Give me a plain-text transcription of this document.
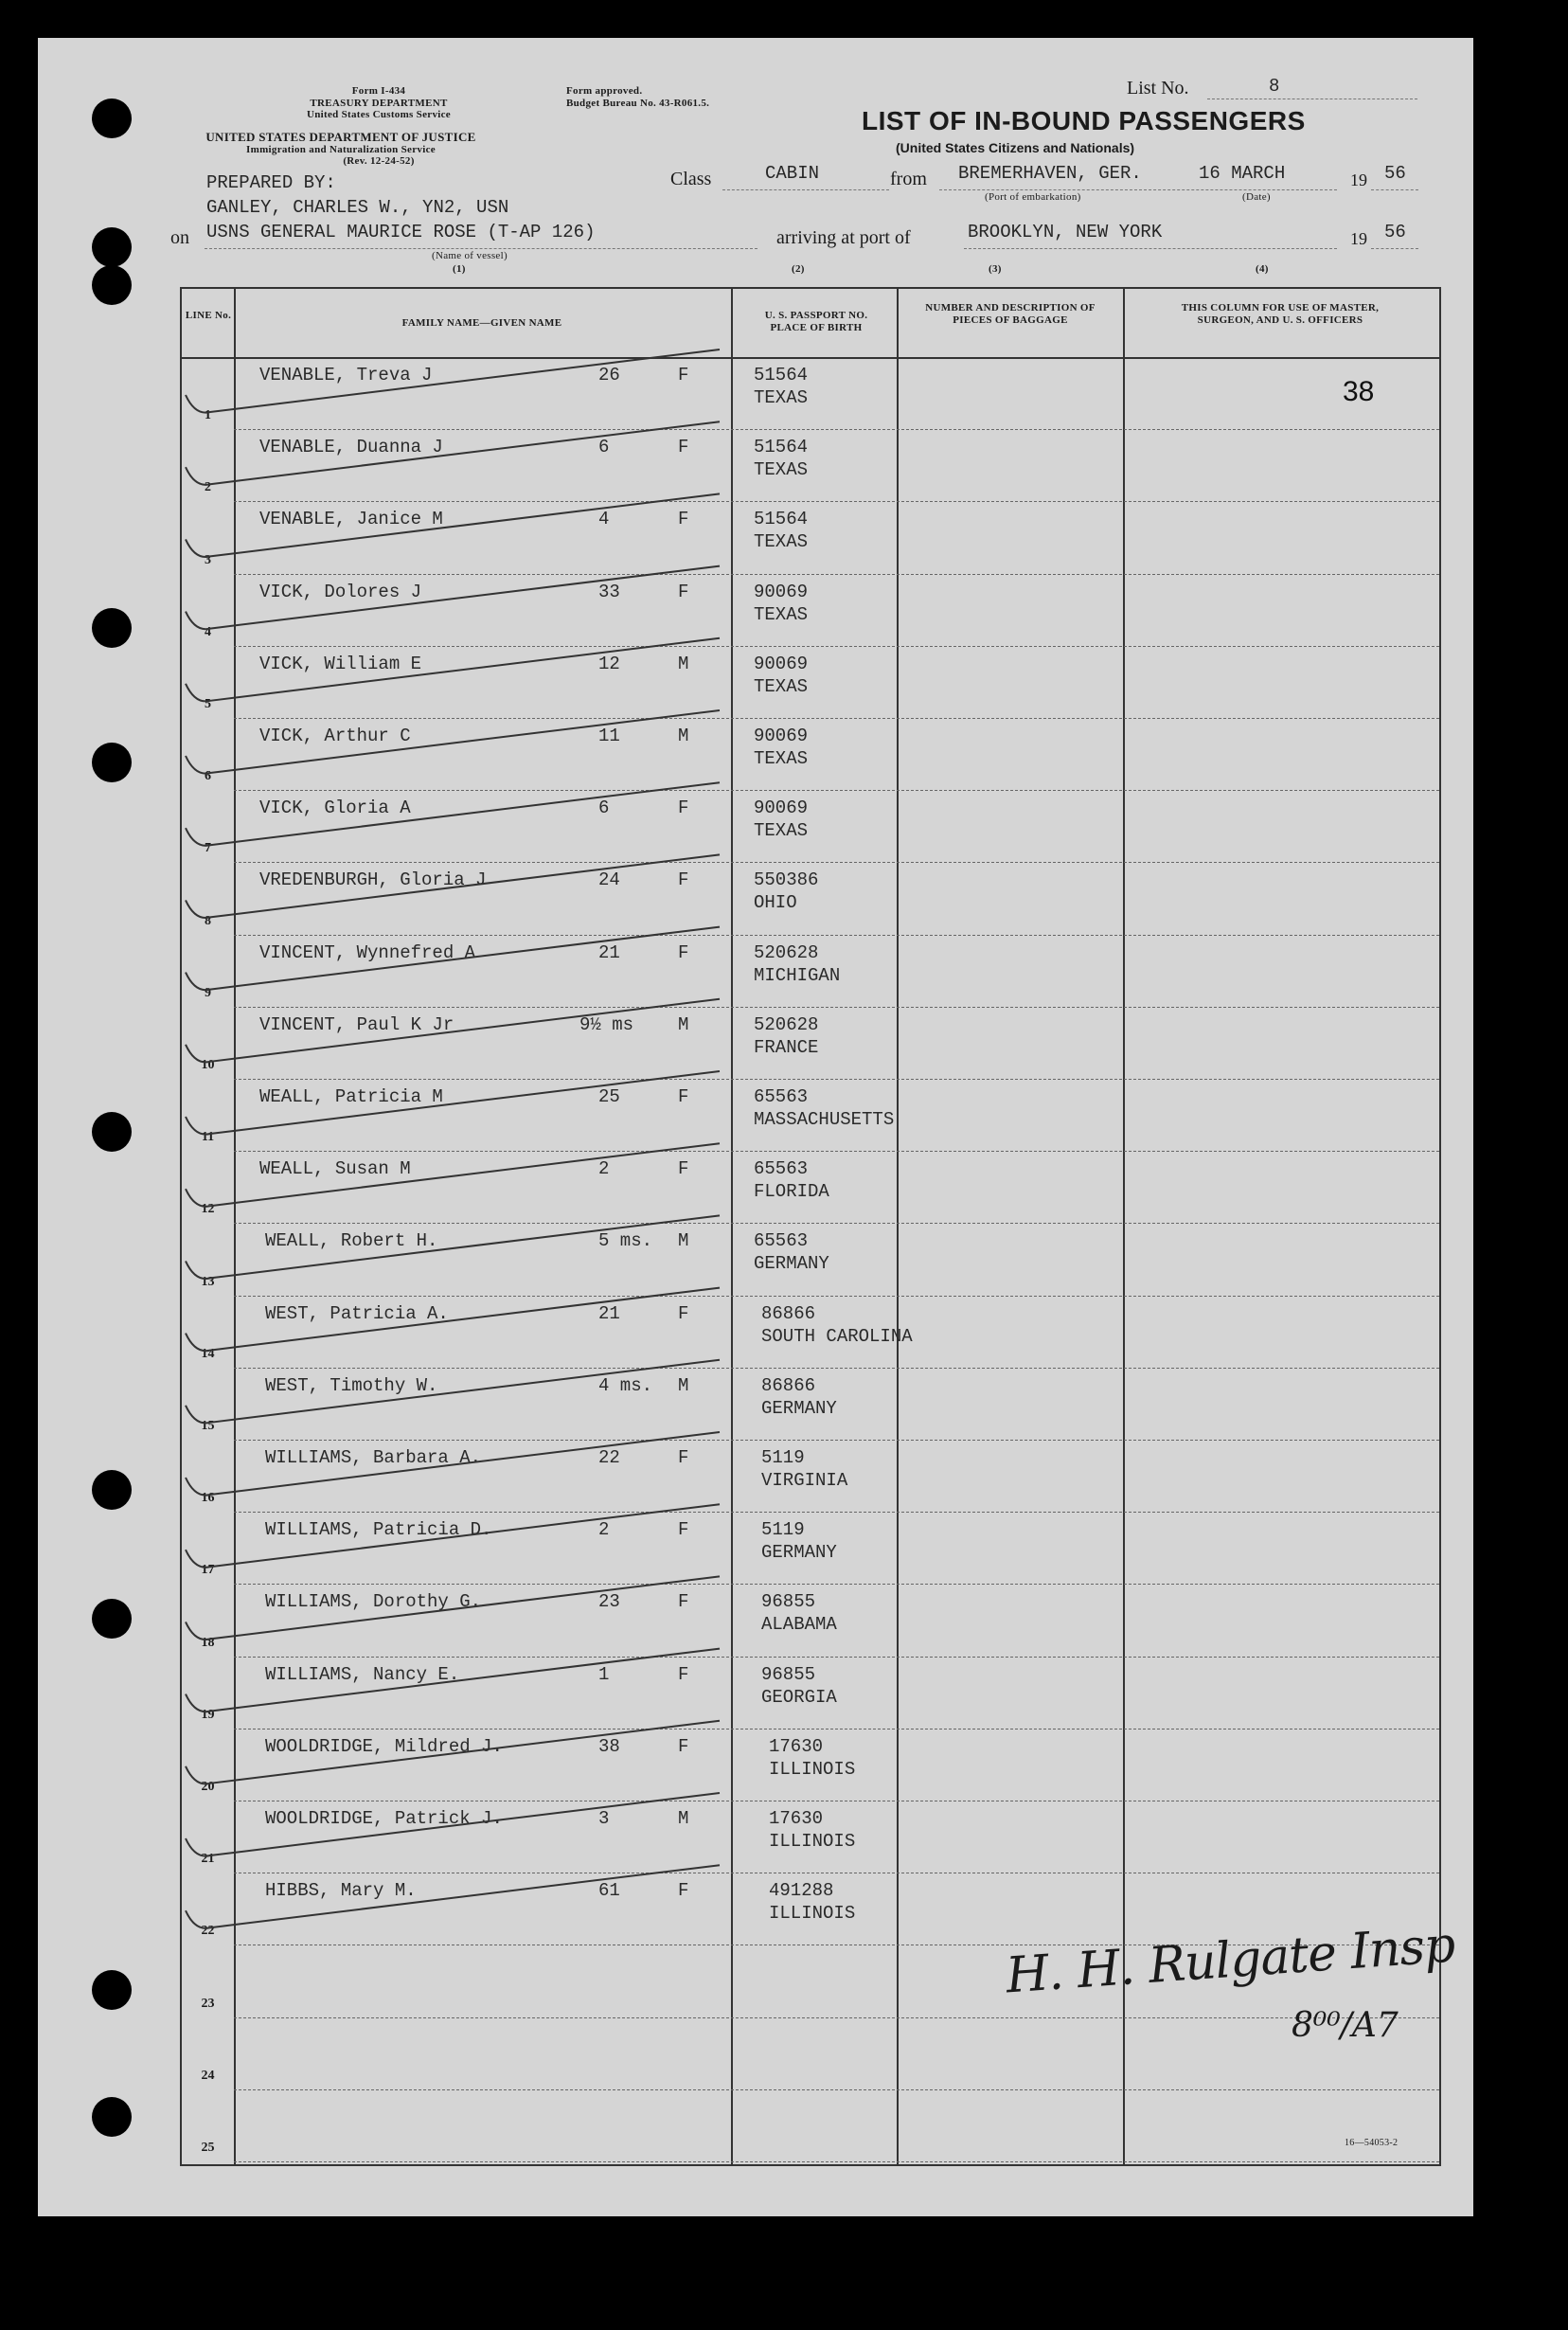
Form I-434
TREASURY DEPARTMENT
United States Customs Service
UNITED STATES DEPARTMENT OF JUSTICE
Immigration and Naturalization Service
(Rev. 12-24-52)
Form approved.
Budget Bureau No. 43-R061.5.
List No.	8
LIST OF IN-BOUND PASSENGERS
(United States Citizens and Nationals)
PREPARED BY:
GANLEY, CHARLES W., YN2, USN
Class	CABIN	from BREMERHAVEN, GER.	16 MARCH	19 56
(Port of embarkation)	(Date)
on USNS GENERAL MAURICE ROSE (T-AP 126)	arriving at port of	BROOKLYN, NEW YORK	19 56
(Name of vessel)
(1)	(2)	(3)	(4)
LINE No.
FAMILY NAME—GIVEN NAME
U. S. PASSPORT NO. PLACE OF BIRTH
NUMBER AND DESCRIPTION OF PIECES OF BAGGAGE
THIS COLUMN FOR USE OF MASTER, SURGEON, AND U. S. OFFICERS
38
1
VENABLE, Treva J	26	F	51564
TEXAS
2
VENABLE, Duanna J	6	F	51564
TEXAS
3
VENABLE, Janice M	4	F	51564
TEXAS
4
VICK, Dolores J	33	F	90069
TEXAS
5
VICK, William E	12	M	90069
TEXAS
6
VICK, Arthur C	11	M	90069
TEXAS
7
VICK, Gloria A	6	F	90069
TEXAS
8
VREDENBURGH, Gloria J	24	F	550386
OHIO
9
VINCENT, Wynnefred A	21	F	520628
MICHIGAN
10
VINCENT, Paul K Jr	9½ ms M	520628
FRANCE
11
WEALL, Patricia M	25	F	65563
MASSACHUSETTS
12
WEALL, Susan M	2	F	65563
FLORIDA
13
WEALL, Robert H.	5 ms. M	65563
GERMANY
14
WEST, Patricia A.	21	F	86866
SOUTH CAROLINA
15
WEST, Timothy W.	4 ms. M	86866
GERMANY
16
WILLIAMS, Barbara A.	22	F	5119
VIRGINIA
17
WILLIAMS, Patricia D.	2	F	5119
GERMANY
18
WILLIAMS, Dorothy G.	23	F	96855
ALABAMA
19
WILLIAMS, Nancy E.	1	F	96855
GEORGIA
20
WOOLDRIDGE, Mildred J.	38	F	17630
ILLINOIS
21
WOOLDRIDGE, Patrick J.	3	M	17630
ILLINOIS
22
HIBBS, Mary M.	61	F	491288
ILLINOIS
23
24
25
H. H. Rulgate Insp
8⁰⁰/A7
16—54053-2
